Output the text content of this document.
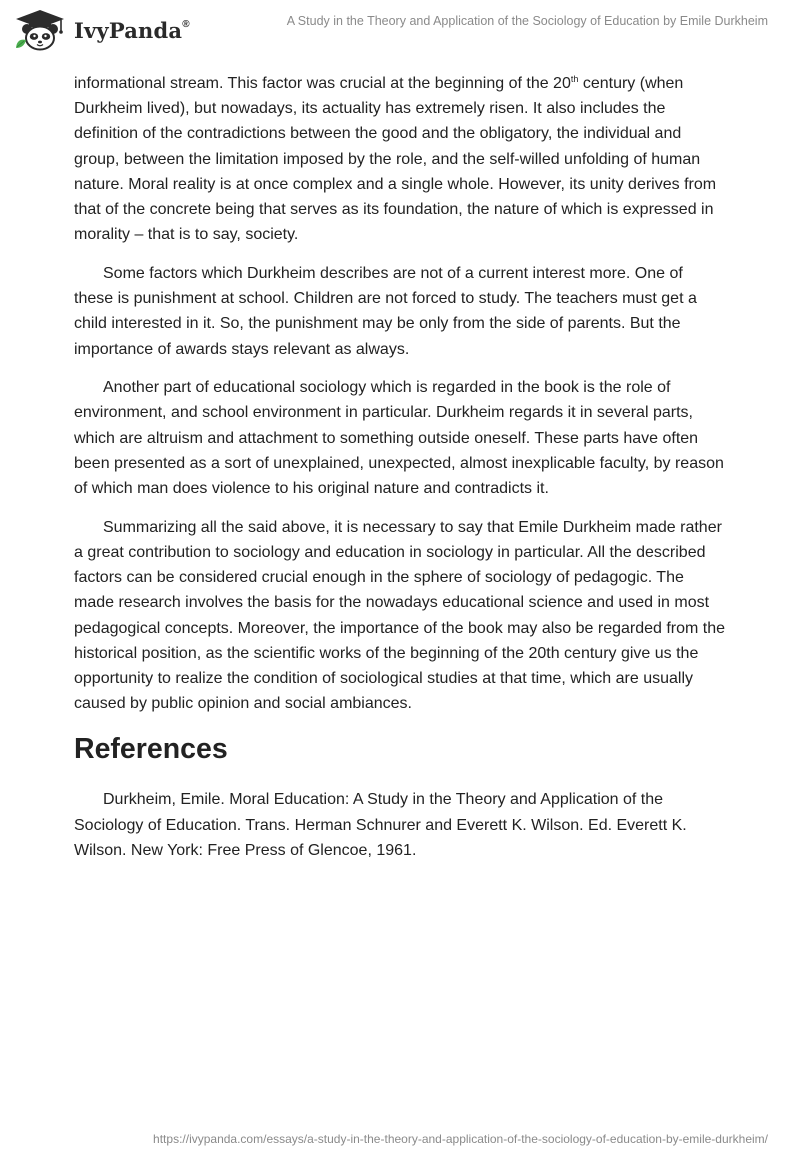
IvyPanda®	A Study in the Theory and Application of the Sociology of Education by Emile Durkheim

informational stream. This factor was crucial at the beginning of the 20th century (when Durkheim lived), but nowadays, its actuality has extremely risen. It also includes the definition of the contradictions between the good and the obligatory, the individual and group, between the limitation imposed by the role, and the self-willed unfolding of human nature. Moral reality is at once complex and a single whole. However, its unity derives from that of the concrete being that serves as its foundation, the nature of which is expressed in morality – that is to say, society.

Some factors which Durkheim describes are not of a current interest more. One of these is punishment at school. Children are not forced to study. The teachers must get a child interested in it. So, the punishment may be only from the side of parents. But the importance of awards stays relevant as always.

Another part of educational sociology which is regarded in the book is the role of environment, and school environment in particular. Durkheim regards it in several parts, which are altruism and attachment to something outside oneself. These parts have often been presented as a sort of unexplained, unexpected, almost inexplicable faculty, by reason of which man does violence to his original nature and contradicts it.

Summarizing all the said above, it is necessary to say that Emile Durkheim made rather a great contribution to sociology and education in sociology in particular. All the described factors can be considered crucial enough in the sphere of sociology of pedagogic. The made research involves the basis for the nowadays educational science and used in most pedagogical concepts. Moreover, the importance of the book may also be regarded from the historical position, as the scientific works of the beginning of the 20th century give us the opportunity to realize the condition of sociological studies at that time, which are usually caused by public opinion and social ambiances.

References

Durkheim, Emile. Moral Education: A Study in the Theory and Application of the Sociology of Education. Trans. Herman Schnurer and Everett K. Wilson. Ed. Everett K. Wilson. New York: Free Press of Glencoe, 1961.

https://ivypanda.com/essays/a-study-in-the-theory-and-application-of-the-sociology-of-education-by-emile-durkheim/
